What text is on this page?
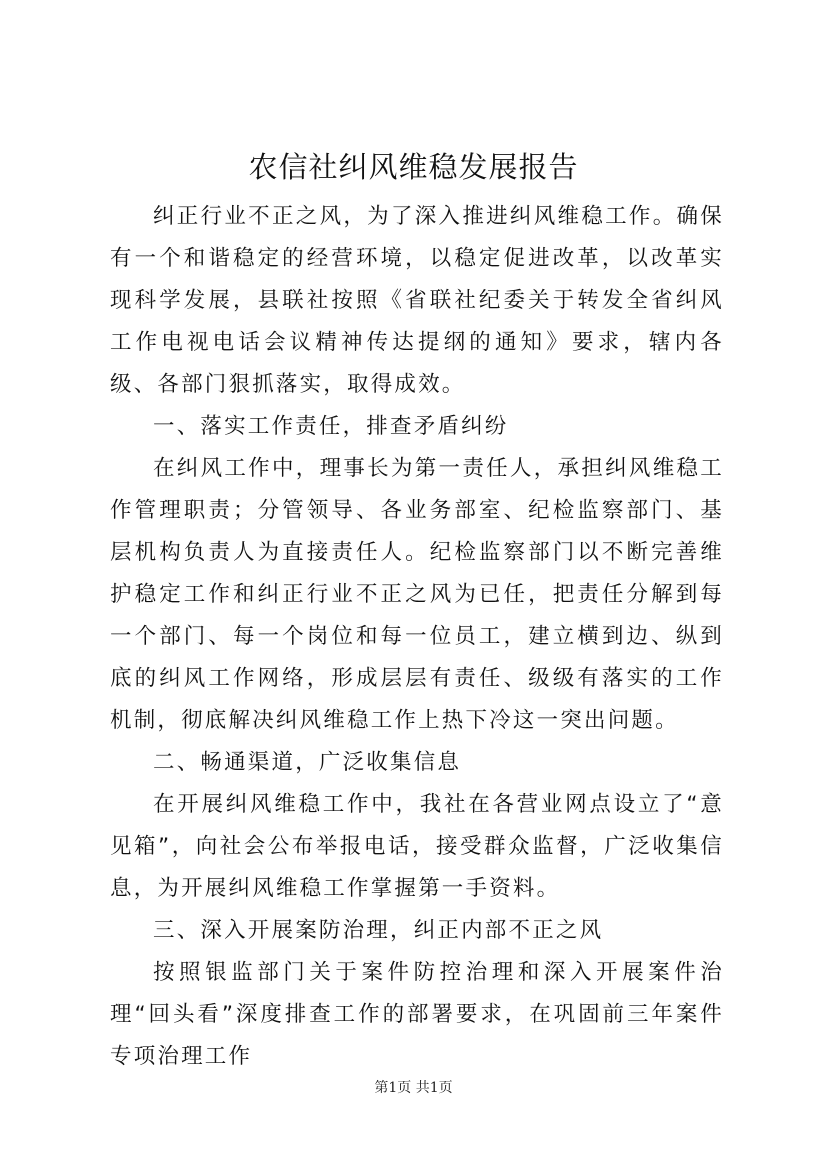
农信社纠风维稳发展报告

纠正行业不正之风，为了深入推进纠风维稳工作。确保有一个和谐稳定的经营环境，以稳定促进改革，以改革实现科学发展，县联社按照《省联社纪委关于转发全省纠风工作电视电话会议精神传达提纲的通知》要求，辖内各级、各部门狠抓落实，取得成效。

一、落实工作责任，排查矛盾纠纷

在纠风工作中，理事长为第一责任人，承担纠风维稳工作管理职责；分管领导、各业务部室、纪检监察部门、基层机构负责人为直接责任人。纪检监察部门以不断完善维护稳定工作和纠正行业不正之风为已任，把责任分解到每一个部门、每一个岗位和每一位员工，建立横到边、纵到底的纠风工作网络，形成层层有责任、级级有落实的工作机制，彻底解决纠风维稳工作上热下冷这一突出问题。

二、畅通渠道，广泛收集信息

在开展纠风维稳工作中，我社在各营业网点设立了“意见箱”，向社会公布举报电话，接受群众监督，广泛收集信息，为开展纠风维稳工作掌握第一手资料。

三、深入开展案防治理，纠正内部不正之风

按照银监部门关于案件防控治理和深入开展案件治理“回头看”深度排查工作的部署要求，在巩固前三年案件专项治理工作

第1页 共1页
